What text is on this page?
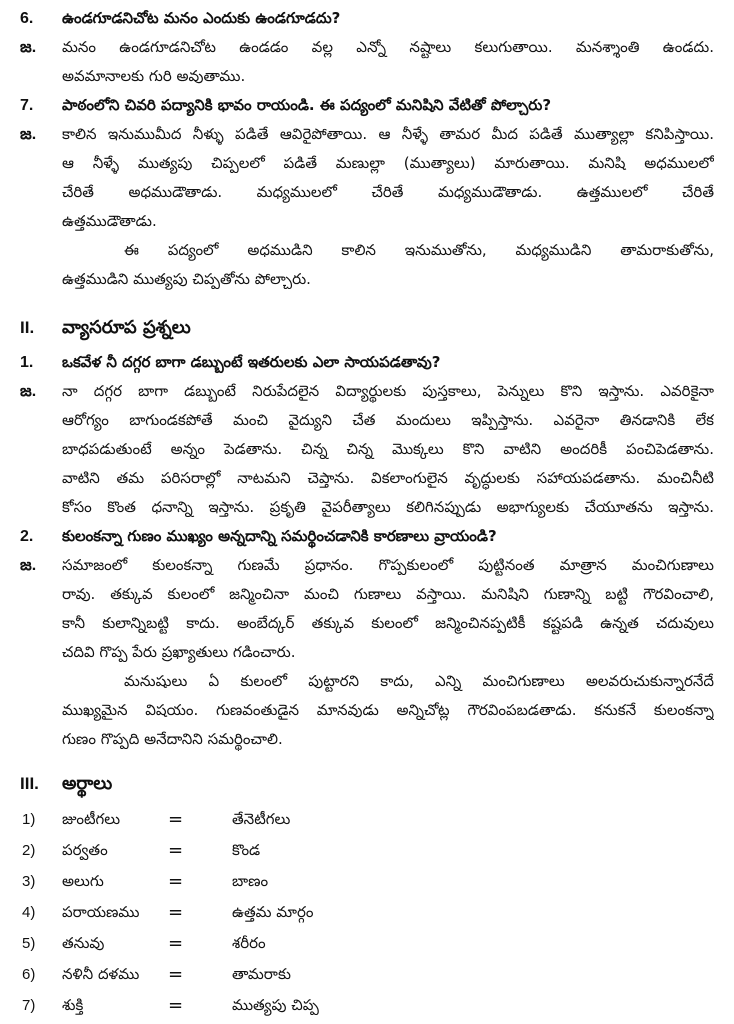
6.	ఉండగూడనిచోట మనం ఎందుకు ఉండగూడదు?
జ.	మనం ఉండగూడనిచోట ఉండడం వల్ల ఎన్నో నష్టాలు కలుగుతాయి. మనశ్శాంతి ఉండదు.
అవమానాలకు గురి అవుతాము.
7.	పాఠంలోని చివరి పద్యానికి భావం రాయండి. ఈ పద్యంలో మనిషిని వేటితో పోల్చారు?
జ.	కాలిన ఇనుముమీద నీళ్ళు పడితే ఆవిరైపోతాయి. ఆ నీళ్ళే తామర మీద పడితే ముత్యాల్లా కనిపిస్తాయి.
ఆ నీళ్ళే ముత్యపు చిప్పలలో పడితే మణుల్లా (ముత్యాలు) మారుతాయి. మనిషి అధములలో
చేరితే అధముడౌతాడు. మధ్యములలో చేరితే మధ్యముడౌతాడు. ఉత్తములలో చేరితే
ఉత్తముడౌతాడు.
ఈ పద్యంలో అధముడిని కాలిన ఇనుముతోను, మధ్యముడిని తామరాకుతోను,
ఉత్తముడిని ముత్యపు చిప్పతోను పోల్చారు.
II.	వ్యాసరూప ప్రశ్నలు
1.	ఒకవేళ నీ దగ్గర బాగా డబ్బుంటే ఇతరులకు ఎలా సాయపడతావు?
జ.	నా దగ్గర బాగా డబ్బుంటే నిరుపేదలైన విద్యార్థులకు పుస్తకాలు, పెన్నులు కొని ఇస్తాను. ఎవరికైనా
ఆరోగ్యం బాగుండకపోతే మంచి వైద్యుని చేత మందులు ఇప్పిస్తాను. ఎవరైనా తినడానికి లేక
బాధపడుతుంటే అన్నం పెడతాను. చిన్న చిన్న మొక్కలు కొని వాటిని అందరికీ పంచిపెడతాను.
వాటిని తమ పరిసరాల్లో నాటమని చెప్తాను. వికలాంగులైన వృద్ధులకు సహాయపడతాను. మంచినీటి
కోసం కొంత ధనాన్ని ఇస్తాను. ప్రకృతి వైపరీత్యాలు కలిగినప్పుడు అభాగ్యులకు చేయూతను ఇస్తాను.
2.	కులంకన్నా గుణం ముఖ్యం అన్నదాన్ని సమర్థించడానికి కారణాలు వ్రాయండి?
జ.	సమాజంలో కులంకన్నా గుణమే ప్రధానం. గొప్పకులంలో పుట్టినంత మాత్రాన మంచిగుణాలు
రావు. తక్కువ కులంలో జన్మించినా మంచి గుణాలు వస్తాయి. మనిషిని గుణాన్ని బట్టి గౌరవించాలి,
కానీ కులాన్నిబట్టి కాదు. అంబేద్కర్ తక్కువ కులంలో జన్మించినప్పటికీ కష్టపడి ఉన్నత చదువులు
చదివి గొప్ప పేరు ప్రఖ్యాతులు గడించారు.
మనుషులు ఏ కులంలో పుట్టారని కాదు, ఎన్ని మంచిగుణాలు అలవరుచుకున్నారనేదే
ముఖ్యమైన విషయం. గుణవంతుడైన మానవుడు అన్నిచోట్ల గౌరవింపబడతాడు. కనుకనే కులంకన్నా
గుణం గొప్పది అనేదానిని సమర్థించాలి.
III.	అర్థాలు
1) జుంటీగలు	=	తేనెటీగలు
2) పర్వతం	=	కొండ
3) అలుగు	=	బాణం
4) పరాయణము =	ఉత్తమ మార్గం
5) తనువు	=	శరీరం
6) నళినీ దళము =	తామరాకు
7) శుక్తి	=	ముత్యపు చిప్ప
